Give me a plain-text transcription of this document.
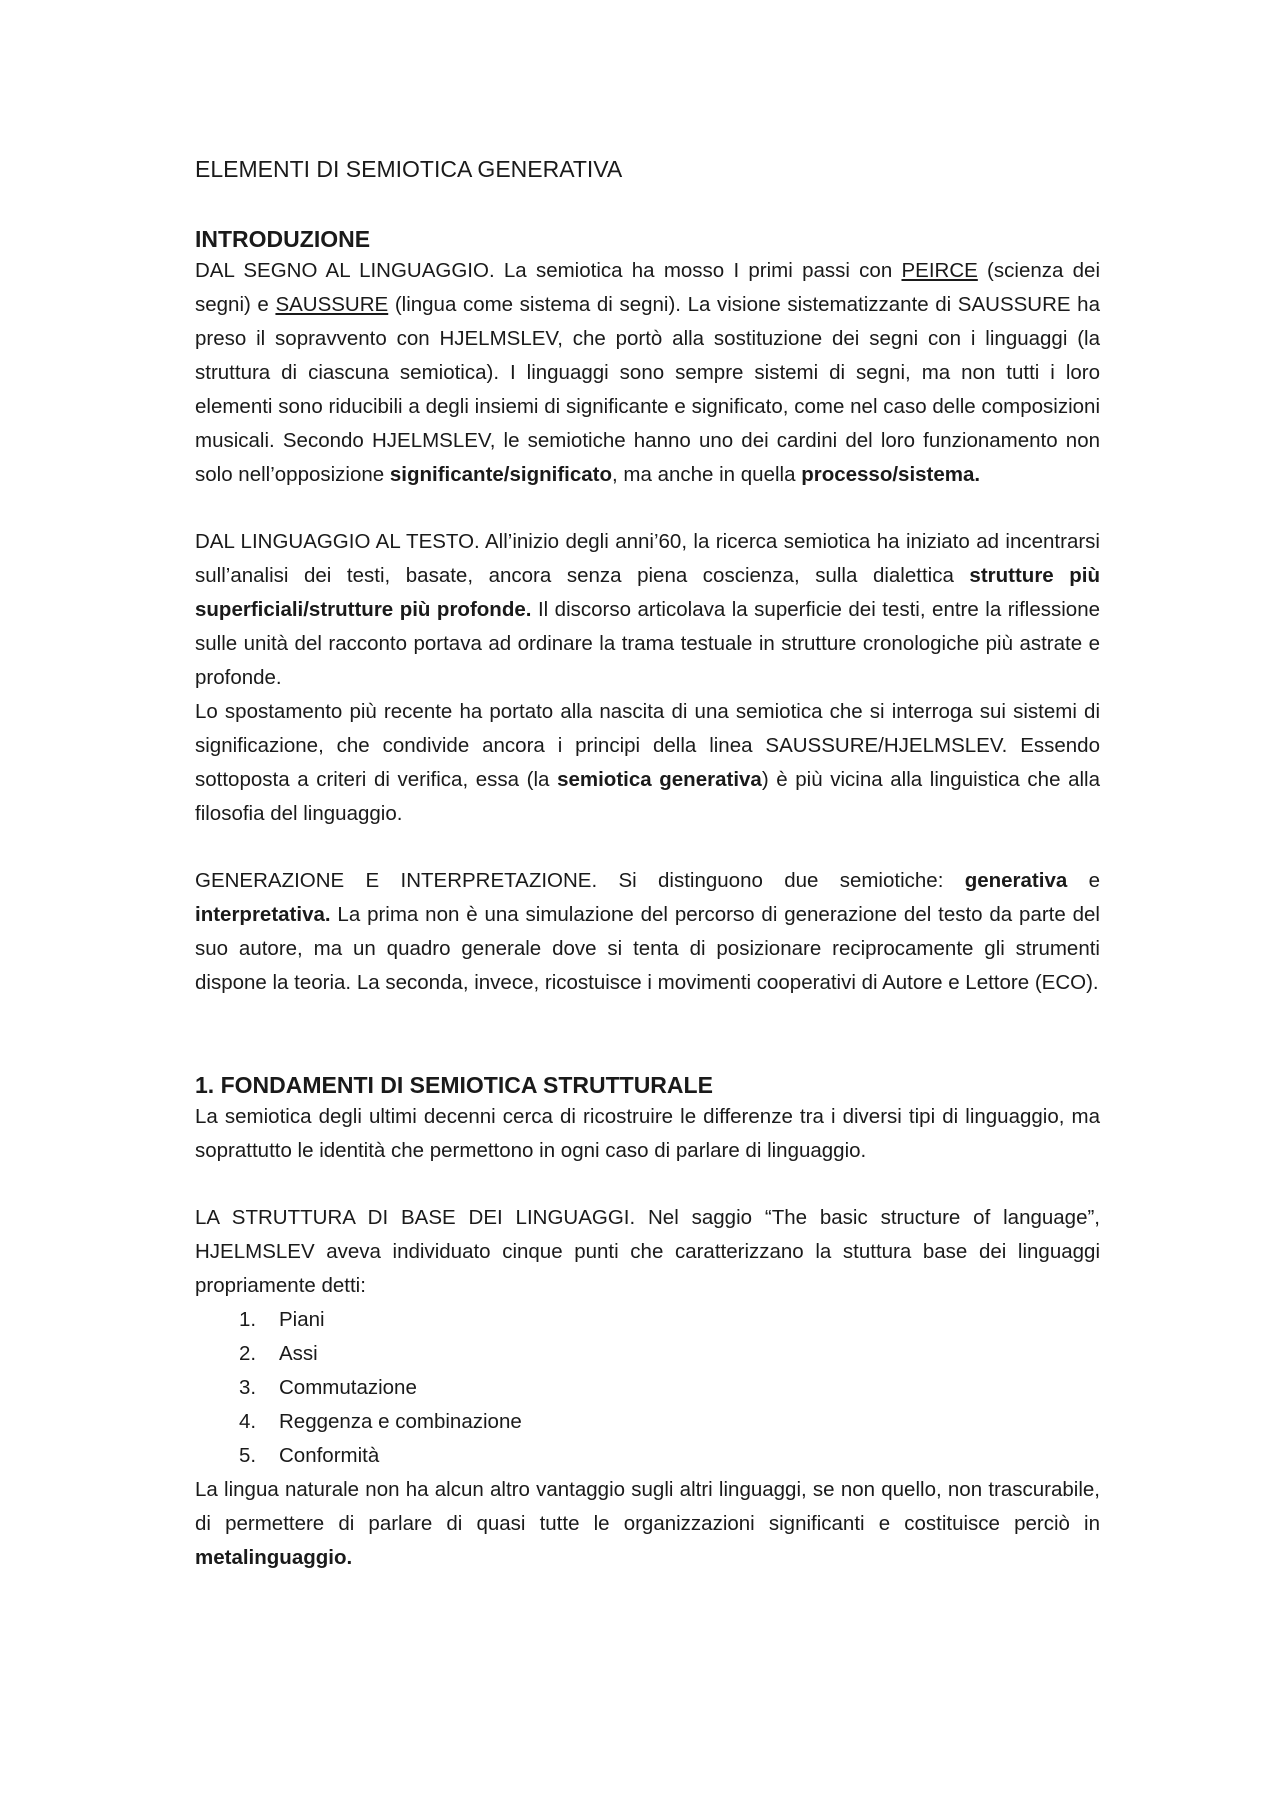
ELEMENTI DI SEMIOTICA GENERATIVA
INTRODUZIONE

DAL SEGNO AL LINGUAGGIO. La semiotica ha mosso I primi passi con PEIRCE (scienza dei segni) e SAUSSURE (lingua come sistema di segni). La visione sistematizzante di SAUSSURE ha preso il sopravvento con HJELMSLEV, che portò alla sostituzione dei segni con i linguaggi (la struttura di ciascuna semiotica). I linguaggi sono sempre sistemi di segni, ma non tutti i loro elementi sono riducibili a degli insiemi di significante e significato, come nel caso delle composizioni musicali. Secondo HJELMSLEV, le semiotiche hanno uno dei cardini del loro funzionamento non solo nell’opposizione significante/significato, ma anche in quella processo/sistema.

DAL LINGUAGGIO AL TESTO. All’inizio degli anni’60, la ricerca semiotica ha iniziato ad incentrarsi sull’analisi dei testi, basate, ancora senza piena coscienza, sulla dialettica strutture più superficiali/strutture più profonde. Il discorso articolava la superficie dei testi, entre la riflessione sulle unità del racconto portava ad ordinare la trama testuale in strutture cronologiche più astrate e profonde.

Lo spostamento più recente ha portato alla nascita di una semiotica che si interroga sui sistemi di significazione, che condivide ancora i principi della linea SAUSSURE/HJELMSLEV. Essendo sottoposta a criteri di verifica, essa (la semiotica generativa) è più vicina alla linguistica che alla filosofia del linguaggio.

GENERAZIONE E INTERPRETAZIONE. Si distinguono due semiotiche: generativa e interpretativa. La prima non è una simulazione del percorso di generazione del testo da parte del suo autore, ma un quadro generale dove si tenta di posizionare reciprocamente gli strumenti dispone la teoria. La seconda, invece, ricostuisce i movimenti cooperativi di Autore e Lettore (ECO).

1. FONDAMENTI DI SEMIOTICA STRUTTURALE

La semiotica degli ultimi decenni cerca di ricostruire le differenze tra i diversi tipi di linguaggio, ma soprattutto le identità che permettono in ogni caso di parlare di linguaggio.

LA STRUTTURA DI BASE DEI LINGUAGGI. Nel saggio “The basic structure of language”, HJELMSLEV aveva individuato cinque punti che caratterizzano la stuttura base dei linguaggi propriamente detti:

1.	Piani
2.	Assi
3.	Commutazione
4.	Reggenza e combinazione
5.	Conformità

La lingua naturale non ha alcun altro vantaggio sugli altri linguaggi, se non quello, non trascurabile, di permettere di parlare di quasi tutte le organizzazioni significanti e costituisce perciò in metalinguaggio.
